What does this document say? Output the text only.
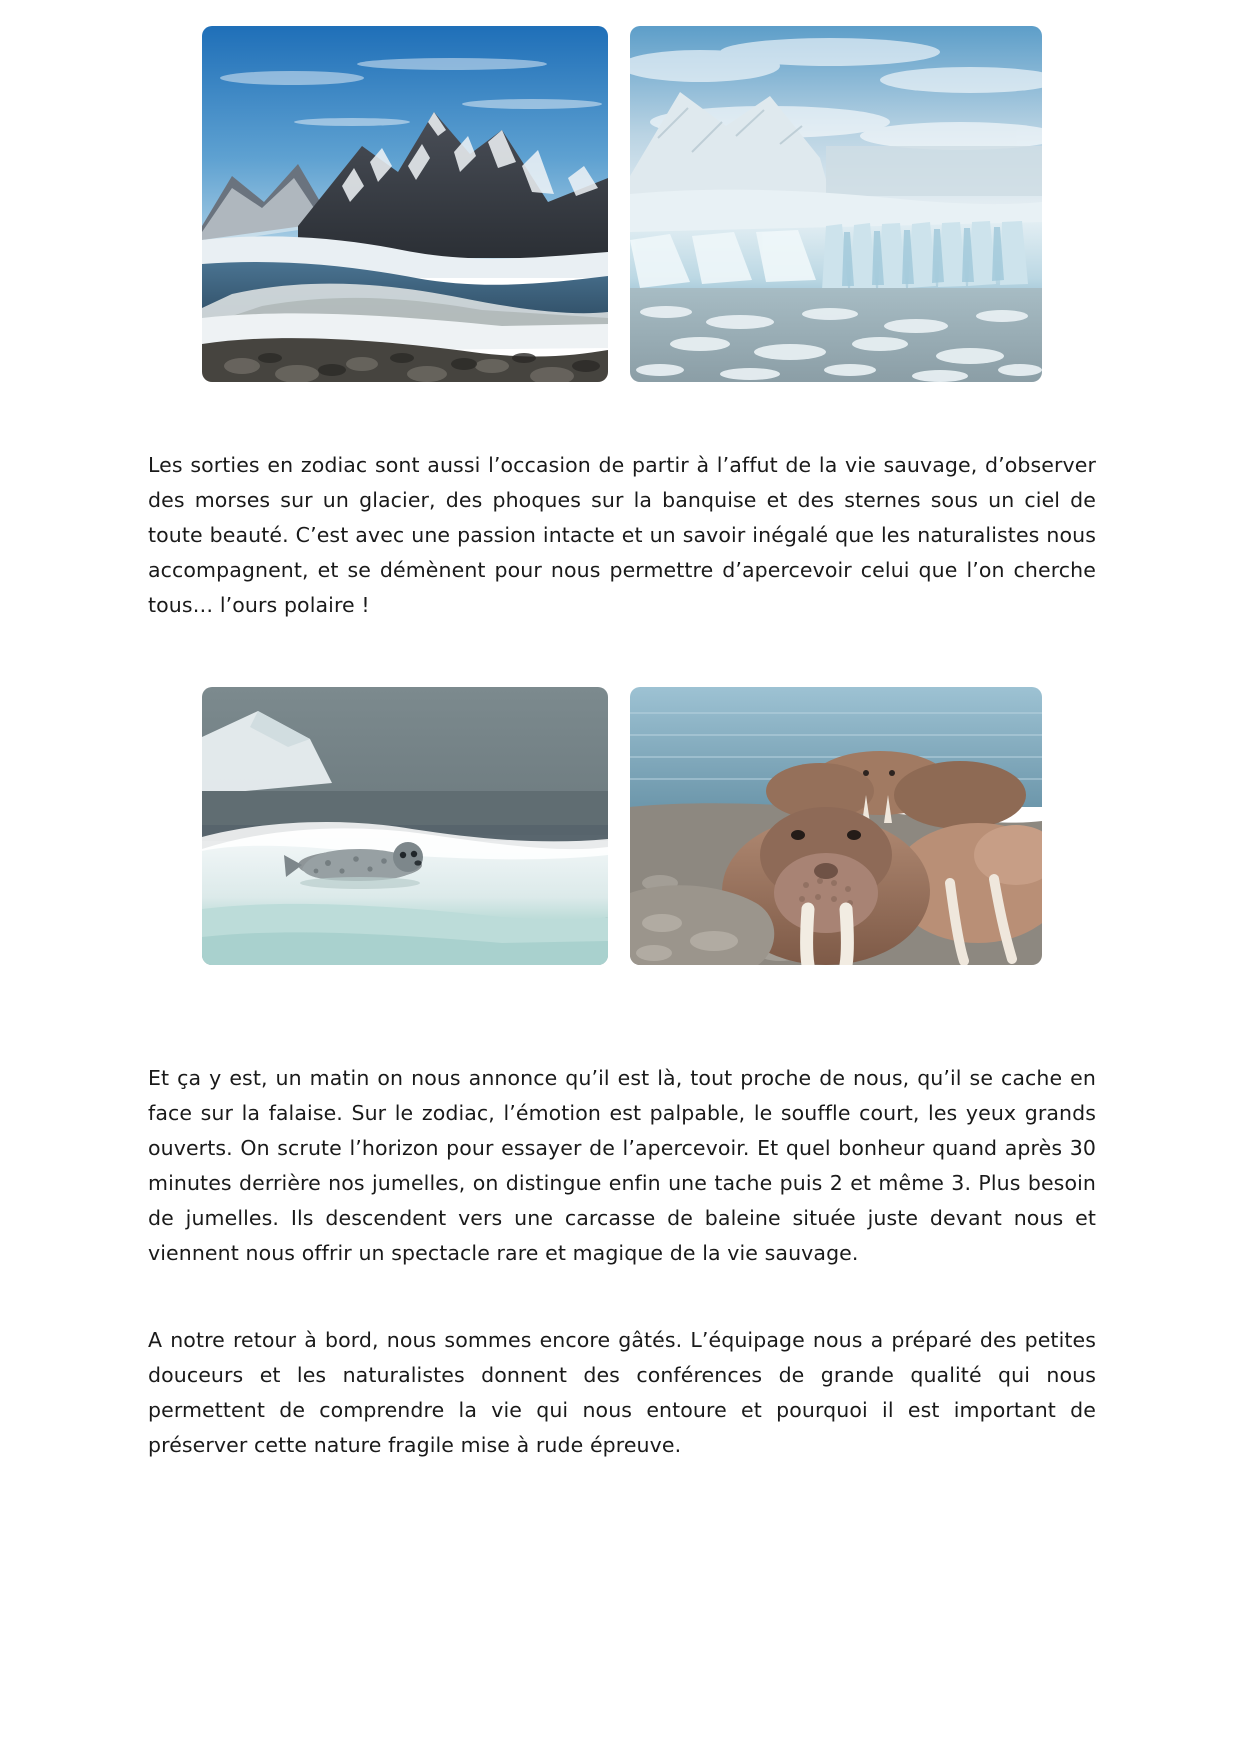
Les sorties en zodiac sont aussi l’occasion de partir à l’affut de la vie sauvage, d’observer des morses sur un glacier, des phoques sur la banquise et des sternes sous un ciel de toute beauté. C’est avec une passion intacte et un savoir inégalé que les naturalistes nous accompagnent, et se démènent pour nous permettre d’apercevoir celui que l’on cherche tous… l’ours polaire !

Et ça y est, un matin on nous annonce qu’il est là, tout proche de nous, qu’il se cache en face sur la falaise. Sur le zodiac, l’émotion est palpable, le souffle court, les yeux grands ouverts. On scrute l’horizon pour essayer de l’apercevoir. Et quel bonheur quand après 30 minutes derrière nos jumelles, on distingue enfin une tache puis 2 et même 3. Plus besoin de jumelles. Ils descendent vers une carcasse de baleine située juste devant nous et viennent nous offrir un spectacle rare et magique de la vie sauvage.

A notre retour à bord, nous sommes encore gâtés. L’équipage nous a préparé des petites douceurs et les naturalistes donnent des conférences de grande qualité qui nous permettent de comprendre la vie qui nous entoure et pourquoi il est important de préserver cette nature fragile mise à rude épreuve.
